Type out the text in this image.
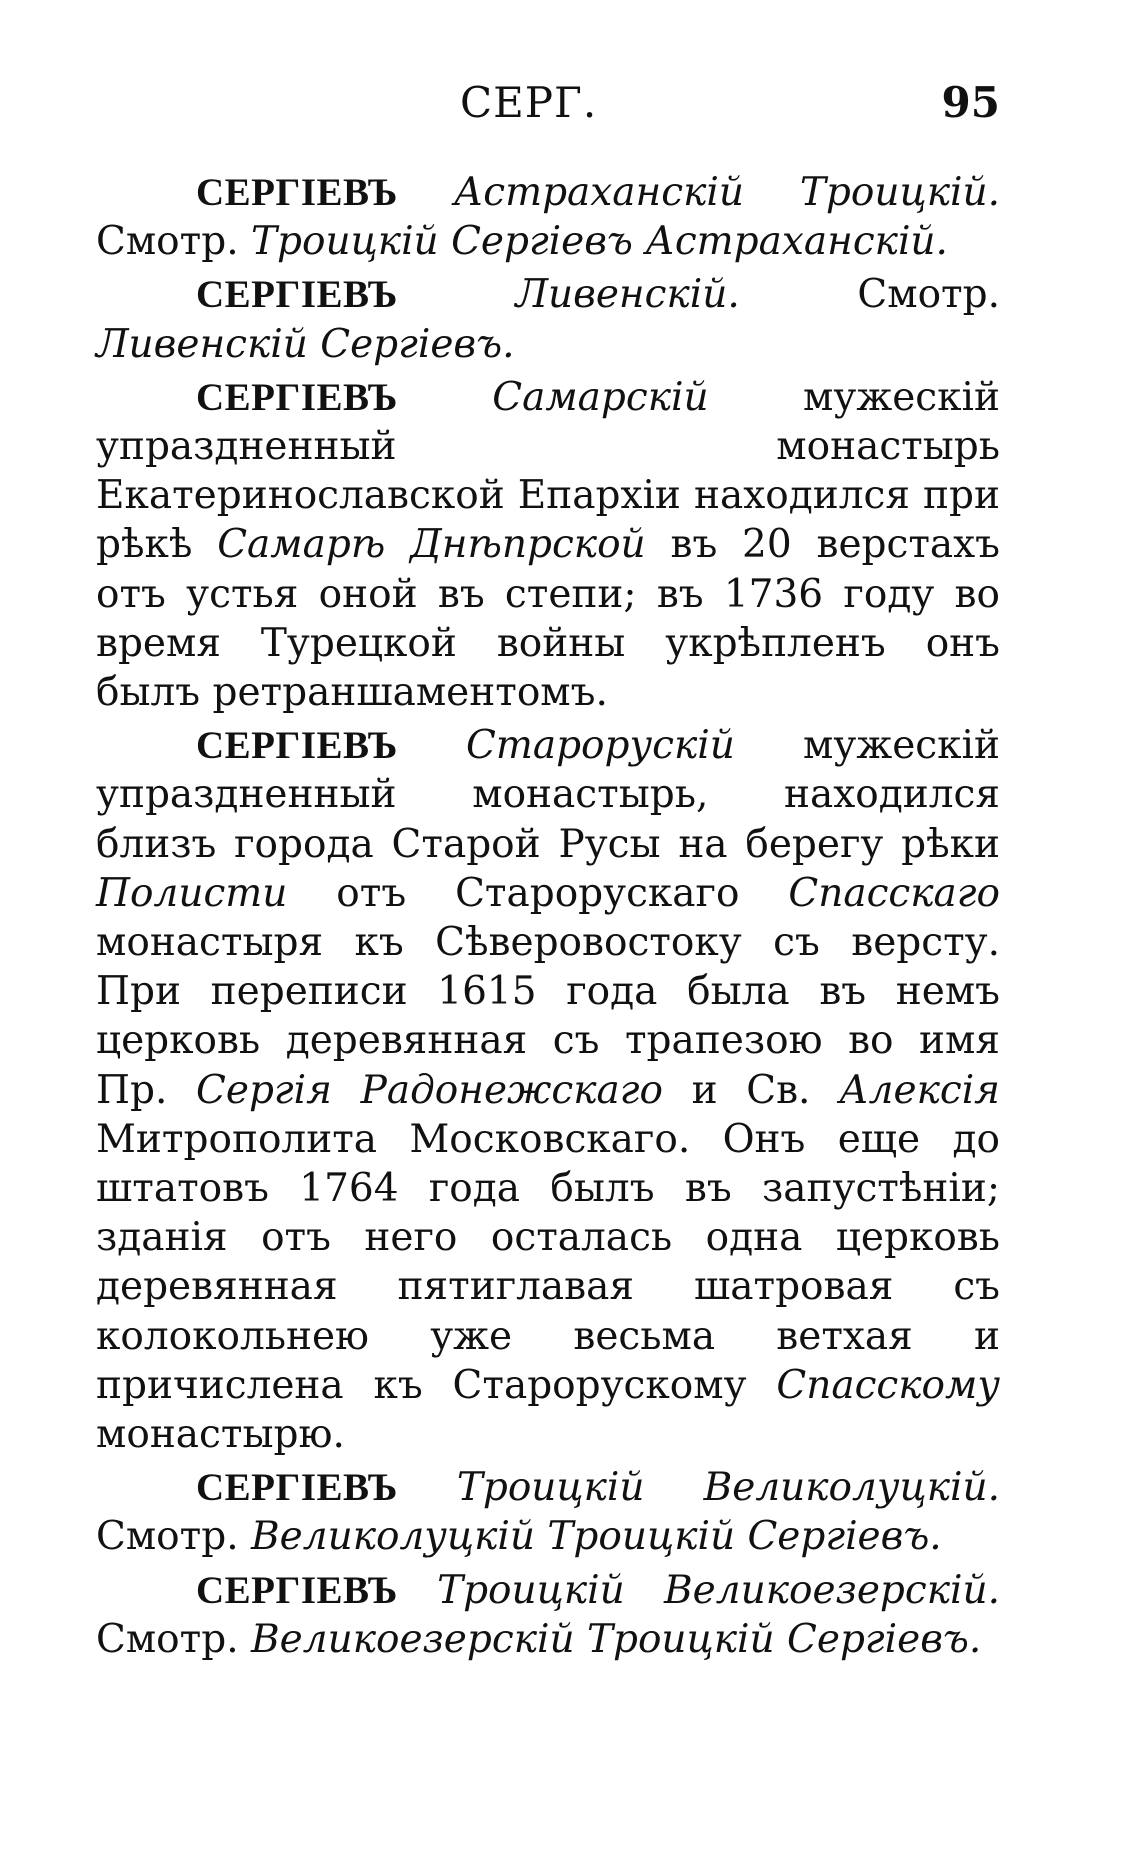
СЕРГ.	95

СЕРГІЕВЪ Астраханскій Троицкій. Смотр. Троицкій Сергіевъ Астраханскій.

СЕРГІЕВЪ	Ливенскій. Смотр. Ливенскій Сергіевъ.

СЕРГІЕВЪ Самарскій мужескій упраздненный монастырь Екатеринославской Епархіи находился при рѣкѣ Самарѣ Днѣпрской въ 20 верстахъ отъ устья оной въ степи; въ 1736 году во время Турецкой войны укрѣпленъ онъ былъ ретраншаментомъ.

СЕРГІЕВЪ Старорускій мужескій упраздненный монастырь, находился близъ города Старой Русы на берегу рѣки Полисти отъ Старорускаго Спасскаго монастыря къ Сѣверовостоку съ версту. При переписи 1615 года была въ немъ церковь деревянная съ трапезою во имя Пр. Сергія Радонежскаго и Св. Алексія Митрополита Московскаго. Онъ еще до штатовъ 1764 года былъ въ запустѣніи; зданія отъ него осталась одна церковь деревянная пятиглавая шатровая съ колокольнею уже весьма ветхая и причислена къ Старорускому Спасскому монастырю.

СЕРГІЕВЪ Троицкій Великолуцкій. Смотр. Великолуцкій Троицкій Сергіевъ.

СЕРГІЕВЪ Троицкій Великоезерскій. Смотр. Великоезерскій Троицкій Сергіевъ.
